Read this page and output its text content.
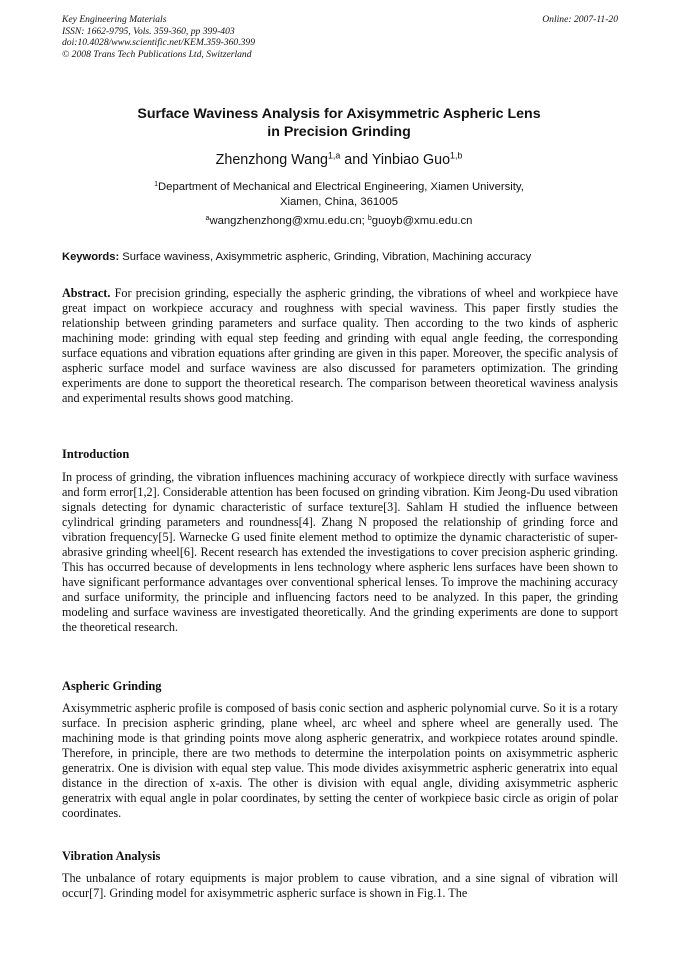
Key Engineering Materials
ISSN: 1662-9795, Vols. 359-360, pp 399-403
doi:10.4028/www.scientific.net/KEM.359-360.399
© 2008 Trans Tech Publications Ltd, Switzerland
Online: 2007-11-20
Surface Waviness Analysis for Axisymmetric Aspheric Lens
in Precision Grinding
Zhenzhong Wang$^{1,a}$ and Yinbiao Guo$^{1,b}$
$^1$Department of Mechanical and Electrical Engineering, Xiamen University,
Xiamen, China, 361005
$^a$wangzhenzhong@xmu.edu.cn; $^b$guoyb@xmu.edu.cn
Keywords: Surface waviness, Axisymmetric aspheric, Grinding, Vibration, Machining accuracy
Abstract. For precision grinding, especially the aspheric grinding, the vibrations of wheel and workpiece have great impact on workpiece accuracy and roughness with special waviness. This paper firstly studies the relationship between grinding parameters and surface quality. Then according to the two kinds of aspheric machining mode: grinding with equal step feeding and grinding with equal angle feeding, the corresponding surface equations and vibration equations after grinding are given in this paper. Moreover, the specific analysis of aspheric surface model and surface waviness are also discussed for parameters optimization. The grinding experiments are done to support the theoretical research. The comparison between theoretical waviness analysis and experimental results shows good matching.
Introduction
In process of grinding, the vibration influences machining accuracy of workpiece directly with surface waviness and form error[1,2]. Considerable attention has been focused on grinding vibration. Kim Jeong-Du used vibration signals detecting for dynamic characteristic of surface texture[3]. Sahlam H studied the influence between cylindrical grinding parameters and roundness[4]. Zhang N proposed the relationship of grinding force and vibration frequency[5]. Warnecke G used finite element method to optimize the dynamic characteristic of super-abrasive grinding wheel[6]. Recent research has extended the investigations to cover precision aspheric grinding. This has occurred because of developments in lens technology where aspheric lens surfaces have been shown to have significant performance advantages over conventional spherical lenses. To improve the machining accuracy and surface uniformity, the principle and influencing factors need to be analyzed. In this paper, the grinding modeling and surface waviness are investigated theoretically. And the grinding experiments are done to support the theoretical research.
Aspheric Grinding
Axisymmetric aspheric profile is composed of basis conic section and aspheric polynomial curve. So it is a rotary surface. In precision aspheric grinding, plane wheel, arc wheel and sphere wheel are generally used. The machining mode is that grinding points move along aspheric generatrix, and workpiece rotates around spindle. Therefore, in principle, there are two methods to determine the interpolation points on axisymmetric aspheric generatrix. One is division with equal step value. This mode divides axisymmetric aspheric generatrix into equal distance in the direction of x-axis. The other is division with equal angle, dividing axisymmetric aspheric generatrix with equal angle in polar coordinates, by setting the center of workpiece basic circle as origin of polar coordinates.
Vibration Analysis
The unbalance of rotary equipments is major problem to cause vibration, and a sine signal of vibration will occur[7]. Grinding model for axisymmetric aspheric surface is shown in Fig.1. The
